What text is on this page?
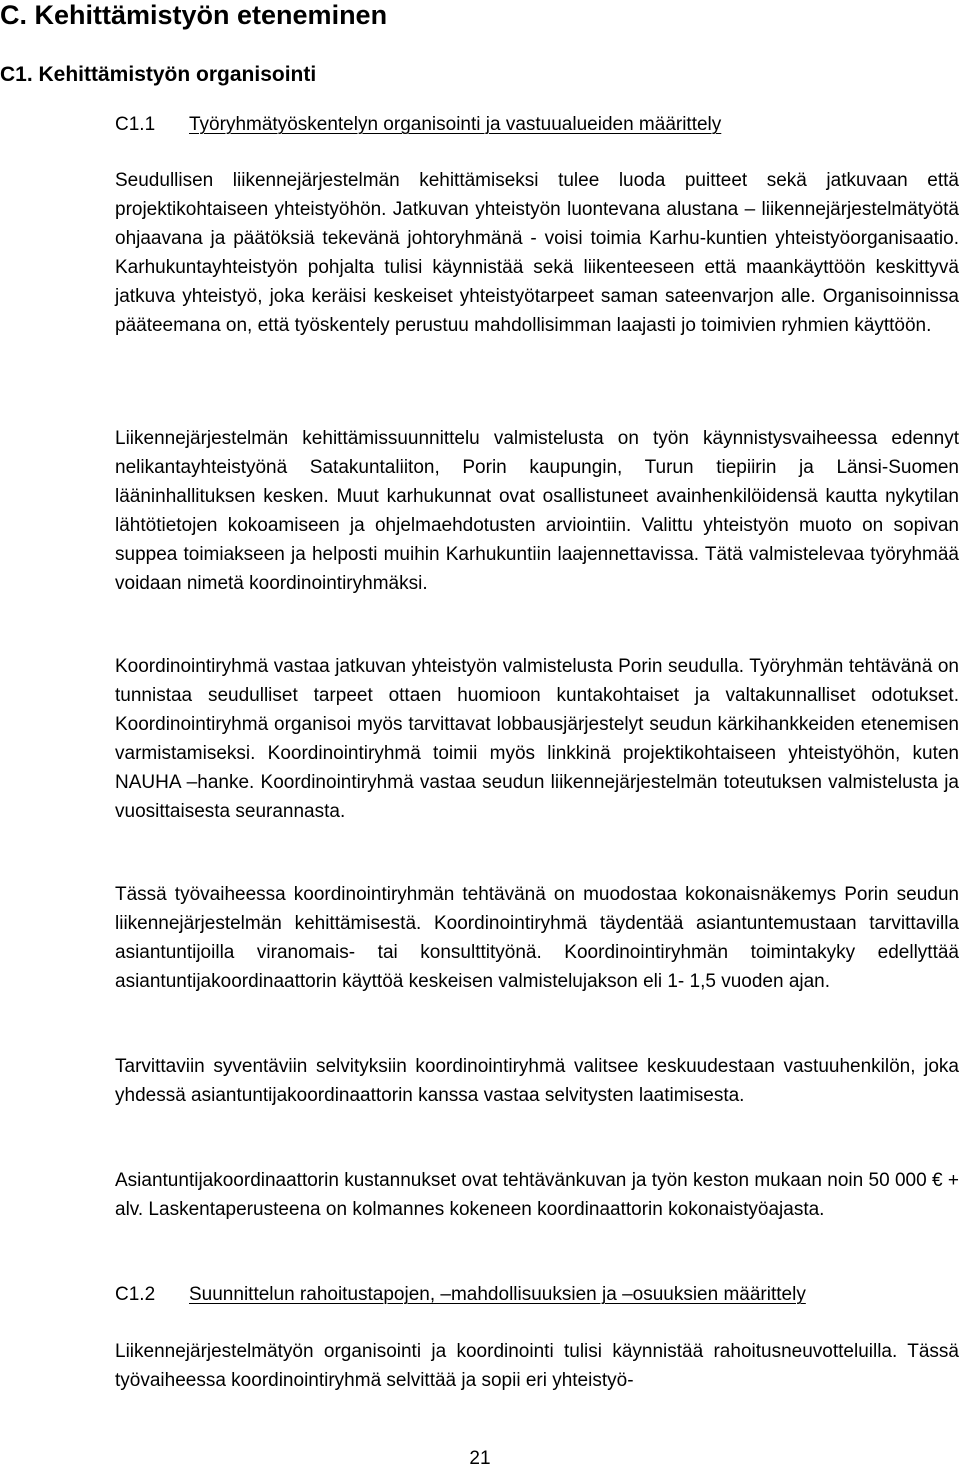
C. Kehittämistyön eteneminen
C1. Kehittämistyön organisointi
C1.1 Työryhmätyöskentelyn organisointi ja vastuualueiden määrittely

Seudullisen liikennejärjestelmän kehittämiseksi tulee luoda puitteet sekä jatkuvaan että projektikohtaiseen yhteistyöhön. Jatkuvan yhteistyön luontevana alustana – liikennejärjestelmätyötä ohjaavana ja päätöksiä tekevänä johtoryhmänä - voisi toimia Karhu-kuntien yhteistyöorganisaatio. Karhukuntayhteistyön pohjalta tulisi käynnistää sekä liikenteeseen että maankäyttöön keskittyvä jatkuva yhteistyö, joka keräisi keskeiset yhteistyötarpeet saman sateenvarjon alle. Organisoinnissa pääteemana on, että työskentely perustuu mahdollisimman laajasti jo toimivien ryhmien käyttöön.

Liikennejärjestelmän kehittämissuunnittelu valmistelusta on työn käynnistysvaiheessa edennyt nelikantayhteistyönä Satakuntaliiton, Porin kaupungin, Turun tiepiirin ja Länsi-Suomen lääninhallituksen kesken. Muut karhukunnat ovat osallistuneet avainhenkilöidensä kautta nykytilan lähtötietojen kokoamiseen ja ohjelmaehdotusten arviointiin. Valittu yhteistyön muoto on sopivan suppea toimiakseen ja helposti muihin Karhukuntiin laajennettavissa. Tätä valmistelevaa työryhmää voidaan nimetä koordinointiryhmäksi.

Koordinointiryhmä vastaa jatkuvan yhteistyön valmistelusta Porin seudulla. Työryhmän tehtävänä on tunnistaa seudulliset tarpeet ottaen huomioon kuntakohtaiset ja valtakunnalliset odotukset. Koordinointiryhmä organisoi myös tarvittavat lobbausjärjestelyt seudun kärkihankkeiden etenemisen varmistamiseksi. Koordinointiryhmä toimii myös linkkinä projektikohtaiseen yhteistyöhön, kuten NAUHA –hanke. Koordinointiryhmä vastaa seudun liikennejärjestelmän toteutuksen valmistelusta ja vuosittaisesta seurannasta.

Tässä työvaiheessa koordinointiryhmän tehtävänä on muodostaa kokonaisnäkemys Porin seudun liikennejärjestelmän kehittämisestä. Koordinointiryhmä täydentää asiantuntemustaan tarvittavilla asiantuntijoilla viranomais- tai konsulttityönä. Koordinointiryhmän toimintakyky edellyttää asiantuntijakoordinaattorin käyttöä keskeisen valmistelujakson eli 1- 1,5 vuoden ajan.

Tarvittaviin syventäviin selvityksiin koordinointiryhmä valitsee keskuudestaan vastuuhenkilön, joka yhdessä asiantuntijakoordinaattorin kanssa vastaa selvitysten laatimisesta.

Asiantuntijakoordinaattorin kustannukset ovat tehtävänkuvan ja työn keston mukaan noin 50 000 € + alv. Laskentaperusteena on kolmannes kokeneen koordinaattorin kokonaistyöajasta.

C1.2 Suunnittelun rahoitustapojen, –mahdollisuuksien ja –osuuksien määrittely

Liikennejärjestelmätyön organisointi ja koordinointi tulisi käynnistää rahoitusneuvotteluilla. Tässä työvaiheessa koordinointiryhmä selvittää ja sopii eri yhteistyö-

21
